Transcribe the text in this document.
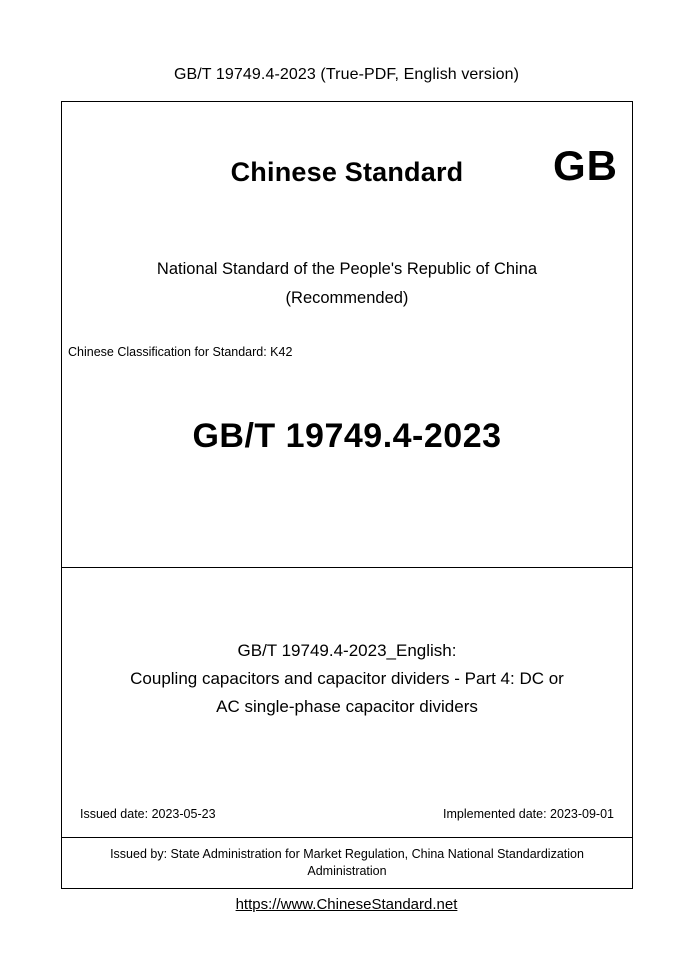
GB/T 19749.4-2023 (True-PDF, English version)
Chinese Standard	GB
National Standard of the People's Republic of China
(Recommended)
Chinese Classification for Standard: K42
GB/T 19749.4-2023
GB/T 19749.4-2023_English:
Coupling capacitors and capacitor dividers - Part 4: DC or
AC single-phase capacitor dividers
Issued date: 2023-05-23	Implemented date: 2023-09-01
Issued by: State Administration for Market Regulation, China National Standardization Administration
https://www.ChineseStandard.net
